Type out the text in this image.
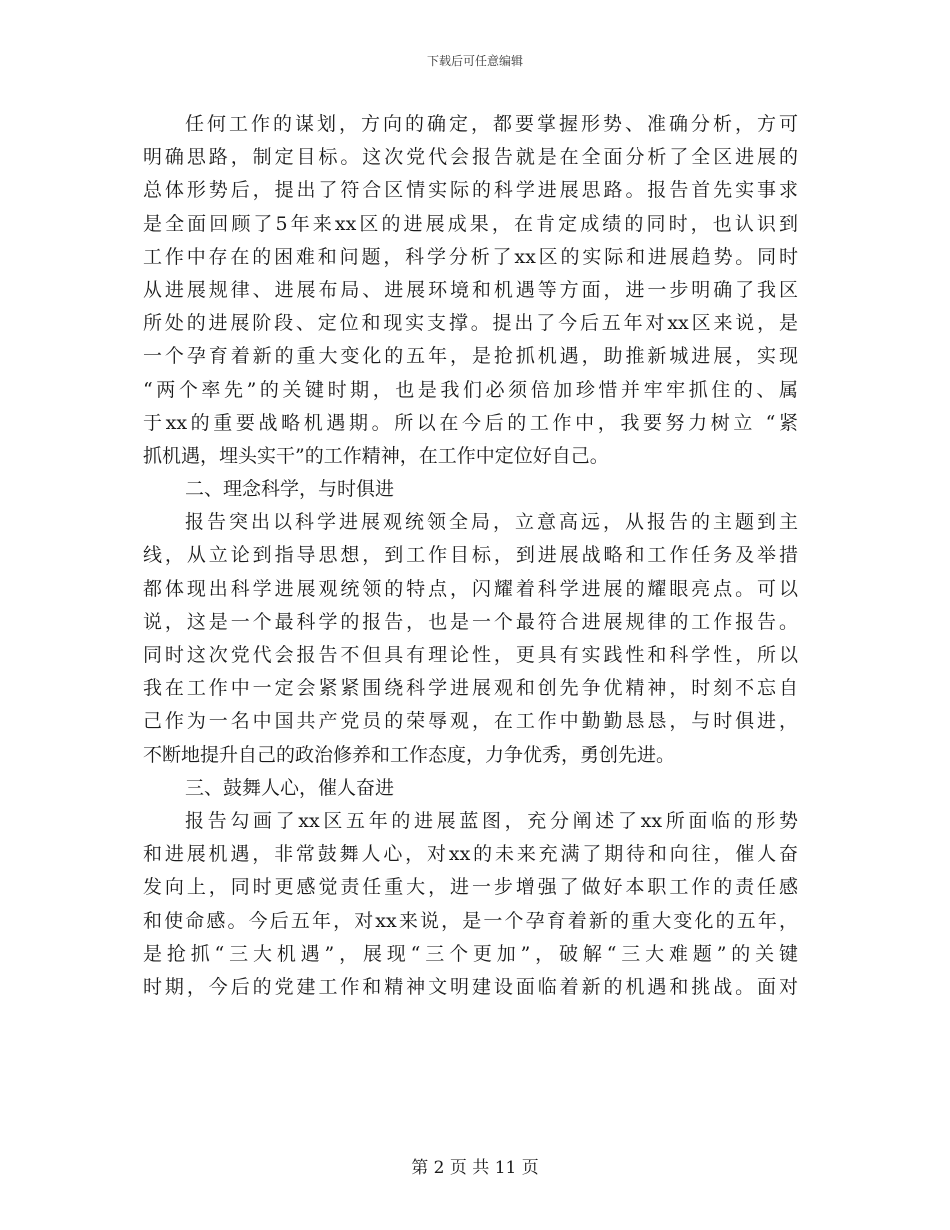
下载后可任意编辑
任何工作的谋划，方向的确定，都要掌握形势、准确分析，方可
明确思路，制定目标。这次党代会报告就是在全面分析了全区进展的
总体形势后，提出了符合区情实际的科学进展思路。报告首先实事求
是全面回顾了5年来xx区的进展成果，在肯定成绩的同时，也认识到
工作中存在的困难和问题，科学分析了xx区的实际和进展趋势。同时
从进展规律、进展布局、进展环境和机遇等方面，进一步明确了我区
所处的进展阶段、定位和现实支撑。提出了今后五年对xx区来说，是
一个孕育着新的重大变化的五年，是抢抓机遇，助推新城进展，实现
“两个率先”的关键时期，也是我们必须倍加珍惜并牢牢抓住的、属
于xx的重要战略机遇期。所以在今后的工作中，我要努力树立 “紧
抓机遇，埋头实干”的工作精神，在工作中定位好自己。
二、理念科学，与时俱进
报告突出以科学进展观统领全局，立意高远，从报告的主题到主
线，从立论到指导思想，到工作目标，到进展战略和工作任务及举措
都体现出科学进展观统领的特点，闪耀着科学进展的耀眼亮点。可以
说，这是一个最科学的报告，也是一个最符合进展规律的工作报告。
同时这次党代会报告不但具有理论性，更具有实践性和科学性，所以
我在工作中一定会紧紧围绕科学进展观和创先争优精神，时刻不忘自
己作为一名中国共产党员的荣辱观，在工作中勤勤恳恳，与时俱进，
不断地提升自己的政治修养和工作态度，力争优秀，勇创先进。
三、鼓舞人心，催人奋进
报告勾画了xx区五年的进展蓝图，充分阐述了xx所面临的形势
和进展机遇，非常鼓舞人心，对xx的未来充满了期待和向往，催人奋
发向上，同时更感觉责任重大，进一步增强了做好本职工作的责任感
和使命感。今后五年，对xx来说，是一个孕育着新的重大变化的五年，
是抢抓“三大机遇”，展现“三个更加”，破解“三大难题”的关键
时期，今后的党建工作和精神文明建设面临着新的机遇和挑战。面对
第 2 页 共 11 页
